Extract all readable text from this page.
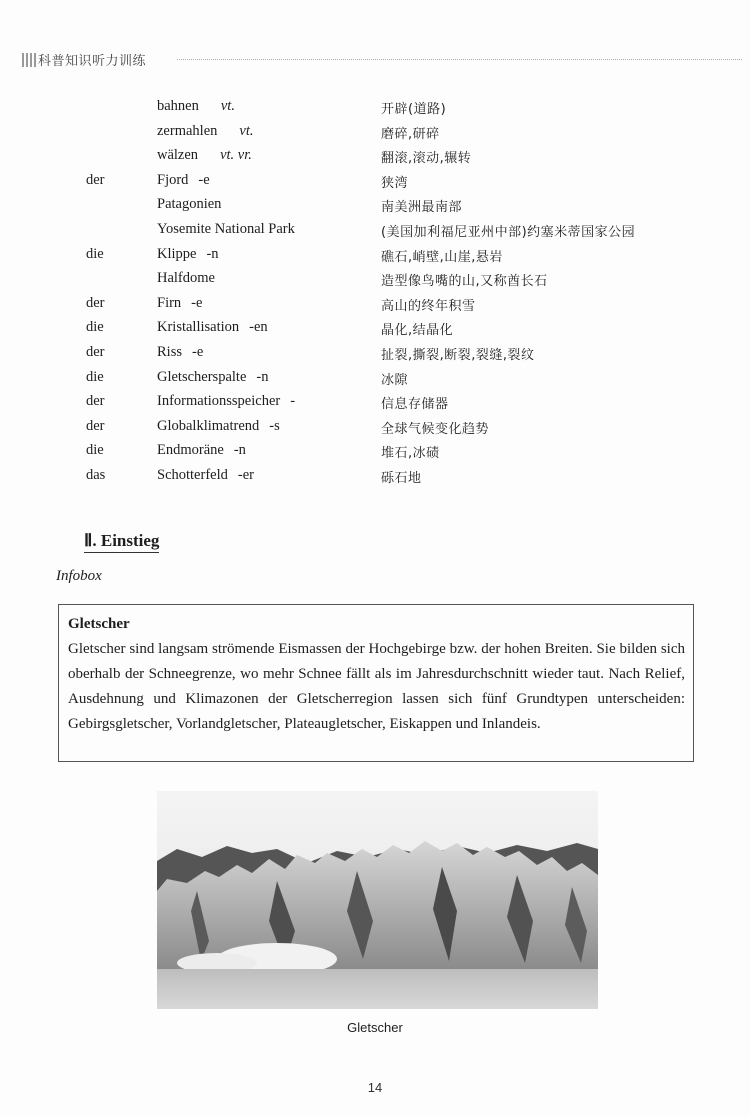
科普知识听力训练
bahnen vt.	开辟(道路)
zermahlen vt.	磨碎,研碎
wälzen vt. vr.	翻滚,滚动,辗转
der	Fjord -e	狭湾
Patagonien	南美洲最南部
Yosemite National Park	(美国加利福尼亚州中部)约塞米蒂国家公园
die	Klippe -n	礁石,峭壁,山崖,悬岩
Halfdome	造型像鸟嘴的山,又称酋长石
der	Firn -e	高山的终年积雪
die	Kristallisation -en	晶化,结晶化
der	Riss -e	扯裂,撕裂,断裂,裂缝,裂纹
die	Gletscherspalte -n	冰隙
der	Informationsspeicher -	信息存储器
der	Globalklimatrend -s	全球气候变化趋势
die	Endmoräne -n	堆石,冰碛
das	Schotterfeld -er	砾石地
Ⅱ. Einstieg
Infobox
Gletscher
Gletscher sind langsam strömende Eismassen der Hochgebirge bzw. der hohen Breiten. Sie bilden sich oberhalb der Schneegrenze, wo mehr Schnee fällt als im Jahresdurchschnitt wieder taut. Nach Relief, Ausdehnung und Klimazonen der Gletscherregion lassen sich fünf Grundtypen unterscheiden: Gebirgsgletscher, Vorlandgletscher, Plateaugletscher, Eiskappen und Inlandeis.
Gletscher
14
